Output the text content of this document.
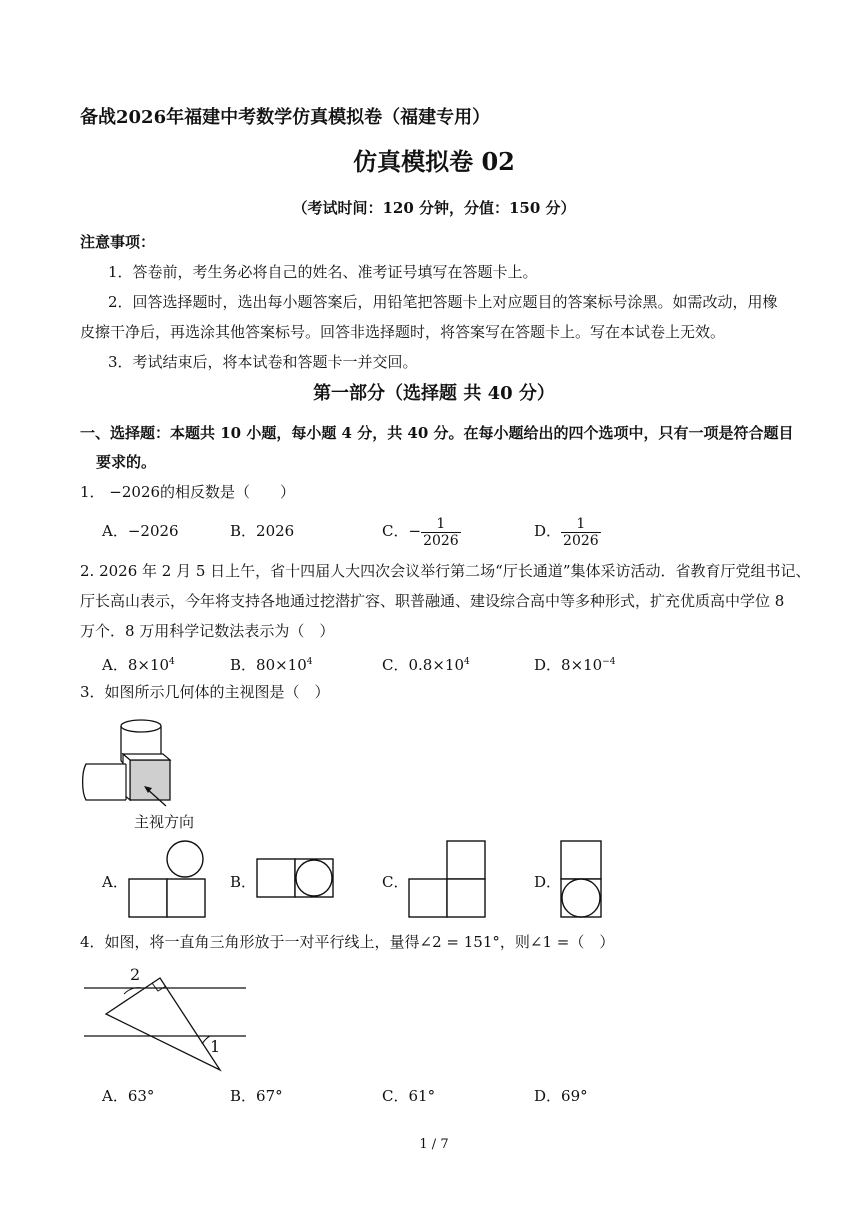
备战2026年福建中考数学仿真模拟卷（福建专用）
仿真模拟卷 02
（考试时间：120 分钟，分值：150 分）
注意事项：
1．答卷前，考生务必将自己的姓名、准考证号填写在答题卡上。
2．回答选择题时，选出每小题答案后，用铅笔把答题卡上对应题目的答案标号涂黑。如需改动，用橡
皮擦干净后，再选涂其他答案标号。回答非选择题时，将答案写在答题卡上。写在本试卷上无效。
3．考试结束后，将本试卷和答题卡一并交回。
第一部分（选择题 共 40 分）
一、选择题：本题共 10 小题，每小题 4 分，共 40 分。在每小题给出的四个选项中，只有一项是符合题目
要求的。
1． −2026的相反数是（　　）
A．−2026	B．2026	C．− $\frac{1}{2026}$	D． $\frac{1}{2026}$
2. 2026 年 2 月 5 日上午，省十四届人大四次会议举行第二场“厅长通道”集体采访活动．省教育厅党组书记、
厅长高山表示，今年将支持各地通过挖潜扩容、职普融通、建设综合高中等多种形式，扩充优质高中学位 8
万个．8 万用科学记数法表示为（　）
A．$8\times 10^4$	B．$80\times 10^4$	C．$0.8\times 10^4$	D．$8\times 10^{-4}$
3．如图所示几何体的主视图是（　）
主视方向
A．	B．	C．	D．
4．如图，将一直角三角形放于一对平行线上，量得∠2 = 151°，则∠1 =（　）
2
1
A．63°	B．67°	C．61°	D．69°
1 / 7
